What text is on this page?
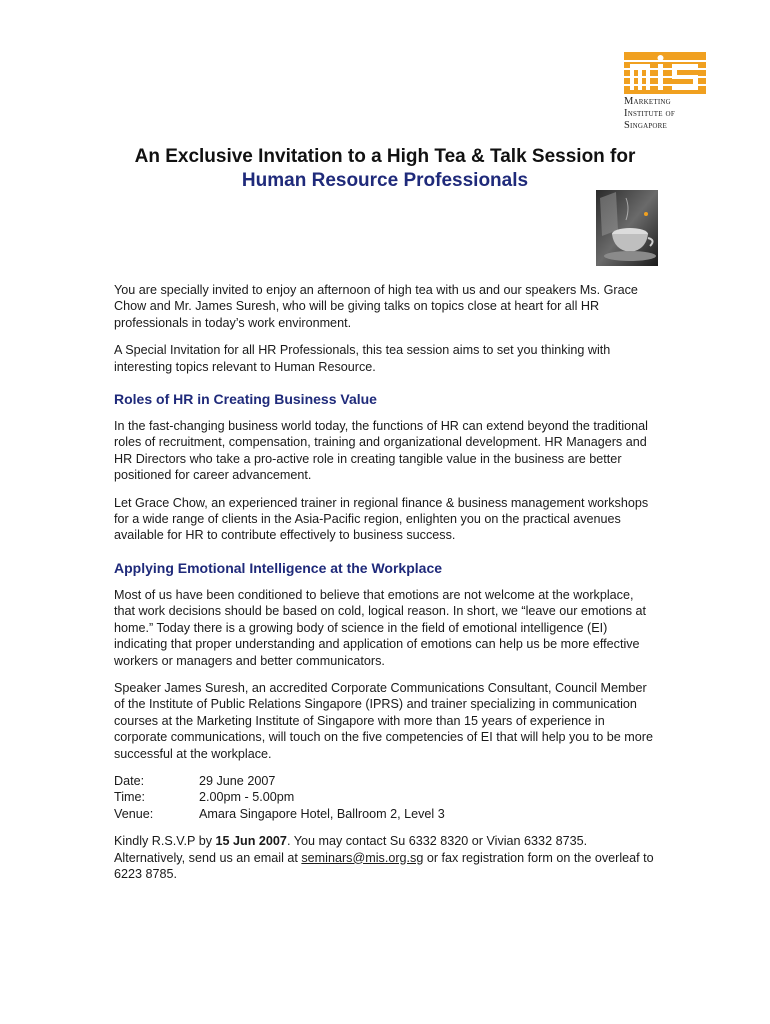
Marketing
Institute of
Singapore
An Exclusive Invitation to a High Tea & Talk Session for
Human Resource Professionals

You are specially invited to enjoy an afternoon of high tea with us and our speakers Ms. Grace Chow and Mr. James Suresh, who will be giving talks on topics close at heart for all HR professionals in today’s work environment.

A Special Invitation for all HR Professionals, this tea session aims to set you thinking with interesting topics relevant to Human Resource.

Roles of HR in Creating Business Value

In the fast-changing business world today, the functions of HR can extend beyond the traditional roles of recruitment, compensation, training and organizational development. HR Managers and HR Directors who take a pro-active role in creating tangible value in the business are better positioned for career advancement.

Let Grace Chow, an experienced trainer in regional finance & business management workshops for a wide range of clients in the Asia-Pacific region, enlighten you on the practical avenues available for HR to contribute effectively to business success.

Applying Emotional Intelligence at the Workplace

Most of us have been conditioned to believe that emotions are not welcome at the workplace, that work decisions should be based on cold, logical reason. In short, we “leave our emotions at home.” Today there is a growing body of science in the field of emotional intelligence (EI) indicating that proper understanding and application of emotions can help us be more effective workers or managers and better communicators.

Speaker James Suresh, an accredited Corporate Communications Consultant, Council Member of the Institute of Public Relations Singapore (IPRS) and trainer specializing in communication courses at the Marketing Institute of Singapore with more than 15 years of experience in corporate communications, will touch on the five competencies of EI that will help you to be more successful at the workplace.

Date:	29 June 2007
Time:	2.00pm - 5.00pm
Venue:	Amara Singapore Hotel, Ballroom 2, Level 3

Kindly R.S.V.P by 15 Jun 2007. You may contact Su 6332 8320 or Vivian 6332 8735. Alternatively, send us an email at seminars@mis.org.sg or fax registration form on the overleaf to 6223 8785.
